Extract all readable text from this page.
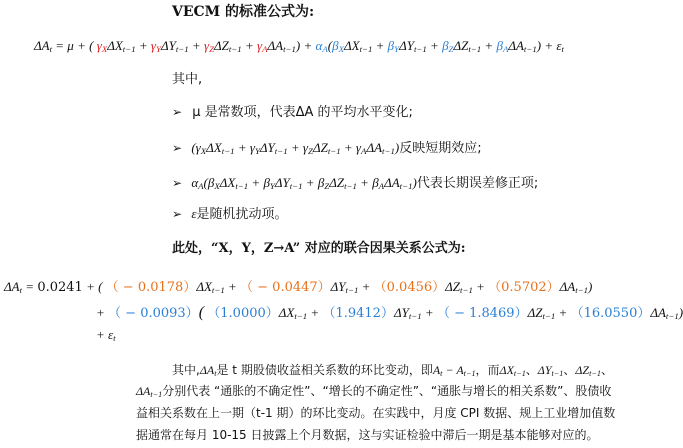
VECM 的标准公式为:
$\Delta A_t = \mu$ + ( $\gamma_X\Delta X_{t-1} + \gamma_Y\Delta Y_{t-1} + \gamma_Z\Delta Z_{t-1} + \gamma_A\Delta A_{t-1}) + \alpha_A(\beta_X\Delta X_{t-1} + \beta_Y\Delta Y_{t-1} + \beta_Z\Delta Z_{t-1} + \beta_A\Delta A_{t-1}) + \varepsilon_t$
其中,
➢ μ 是常数项，代表ΔA 的平均水平变化;
➢ $(\gamma_X\Delta X_{t-1} + \gamma_Y\Delta Y_{t-1} + \gamma_Z\Delta Z_{t-1} + \gamma_A\Delta A_{t-1})$反映短期效应;
➢ $\alpha_A(\beta_X\Delta X_{t-1} + \beta_Y\Delta Y_{t-1} + \beta_Z\Delta Z_{t-1} + \beta_A\Delta A_{t-1})$代表长期误差修正项;
➢ ε是随机扰动项。
此处，“X，Y，Z→A” 对应的联合因果关系公式为:
$\Delta A_t = 0.0241$ + ( （ − $0.0178)\Delta X_{t-1}$ + （ − $0.0447)\Delta Y_{t-1} + (0.0456)\Delta Z_{t-1} + (0.5702)\Delta A_{t-1}$)
+ （ − 0.0093）( $(1.0000)\Delta X_{t-1} + (1.9412)\Delta Y_{t-1}$ + （ − $1.8469)\Delta Z_{t-1} + (16.0550)\Delta A_{t-1}$)
+ $\varepsilon_t$
其中$,\Delta A_t$是 t 期股债收益相关系数的环比变动，即$A_t - A_{t-1}$，而$\Delta X_{t-1}$、$\Delta Y_{t-1}$、$\Delta Z_{t-1}$、
$\Delta A_{t-1}$分别代表 “通胀的不确定性”、“增长的不确定性”、“通胀与增长的相关系数”、股债收
益相关系数在上一期（t-1 期）的环比变动。在实践中，月度 CPI 数据、规上工业增加值数
据通常在每月 10-15 日披露上个月数据，这与实证检验中滞后一期是基本能够对应的。
